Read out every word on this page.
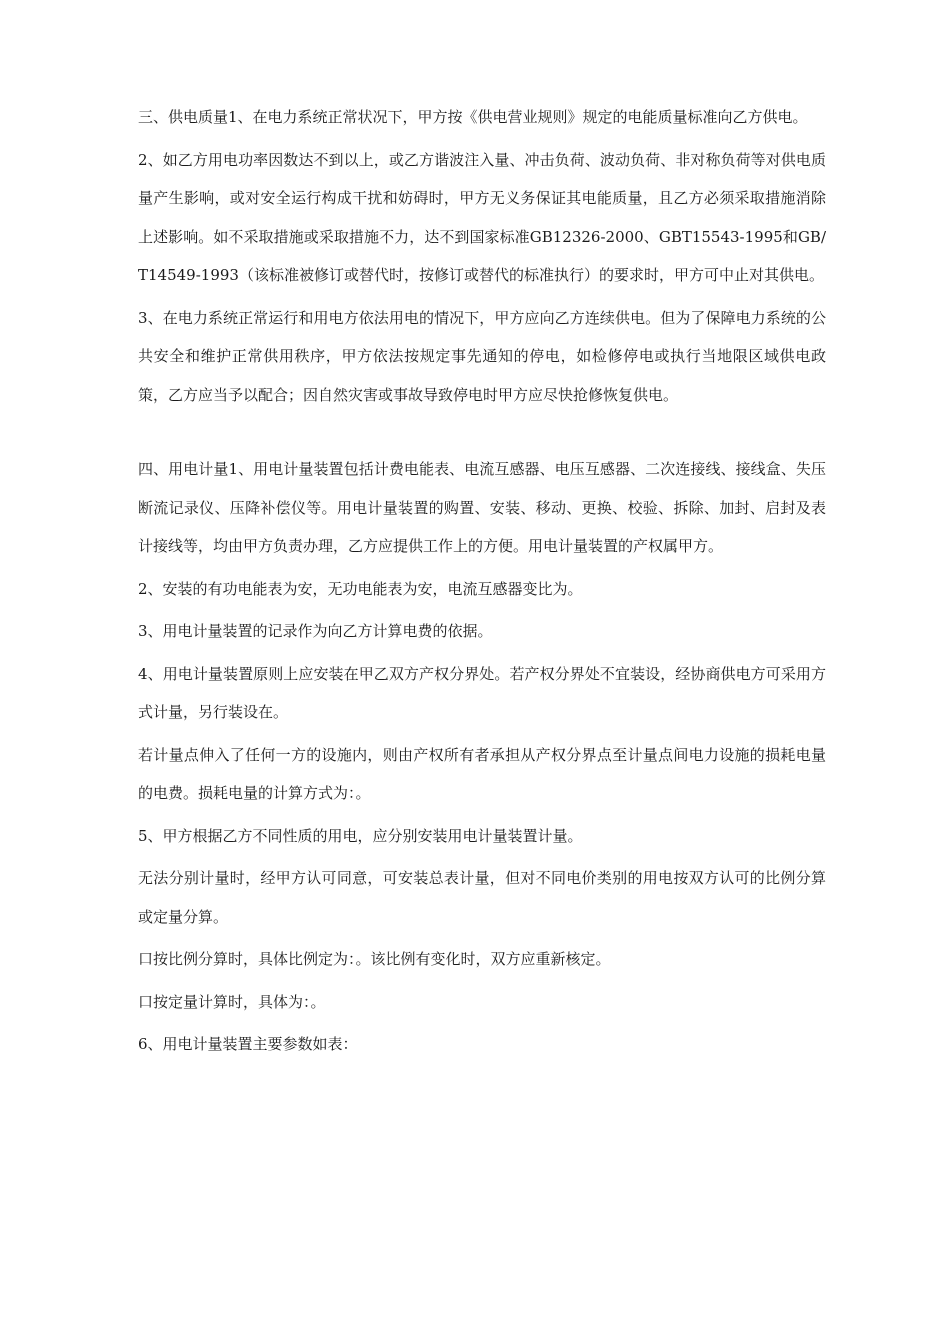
三、供电质量1、在电力系统正常状况下，甲方按《供电营业规则》规定的电能质量标准向乙方供电。

2、如乙方用电功率因数达不到以上，或乙方谐波注入量、冲击负荷、波动负荷、非对称负荷等对供电质量产生影响，或对安全运行构成干扰和妨碍时，甲方无义务保证其电能质量，且乙方必须采取措施消除上述影响。如不采取措施或采取措施不力，达不到国家标准GB12326-2000、GBT15543-1995和GB/T14549-1993（该标准被修订或替代时，按修订或替代的标准执行）的要求时，甲方可中止对其供电。

3、在电力系统正常运行和用电方依法用电的情况下，甲方应向乙方连续供电。但为了保障电力系统的公共安全和维护正常供用秩序，甲方依法按规定事先通知的停电，如检修停电或执行当地限区域供电政策，乙方应当予以配合；因自然灾害或事故导致停电时甲方应尽快抢修恢复供电。

四、用电计量1、用电计量装置包括计费电能表、电流互感器、电压互感器、二次连接线、接线盒、失压断流记录仪、压降补偿仪等。用电计量装置的购置、安装、移动、更换、校验、拆除、加封、启封及表计接线等，均由甲方负责办理，乙方应提供工作上的方便。用电计量装置的产权属甲方。

2、安装的有功电能表为安，无功电能表为安，电流互感器变比为。

3、用电计量装置的记录作为向乙方计算电费的依据。

4、用电计量装置原则上应安装在甲乙双方产权分界处。若产权分界处不宜装设，经协商供电方可采用方式计量，另行装设在。

若计量点伸入了任何一方的设施内，则由产权所有者承担从产权分界点至计量点间电力设施的损耗电量的电费。损耗电量的计算方式为：。

5、甲方根据乙方不同性质的用电，应分别安装用电计量装置计量。

无法分别计量时，经甲方认可同意，可安装总表计量，但对不同电价类别的用电按双方认可的比例分算或定量分算。

口按比例分算时，具体比例定为：。该比例有变化时，双方应重新核定。

口按定量计算时，具体为：。

6、用电计量装置主要参数如表：
